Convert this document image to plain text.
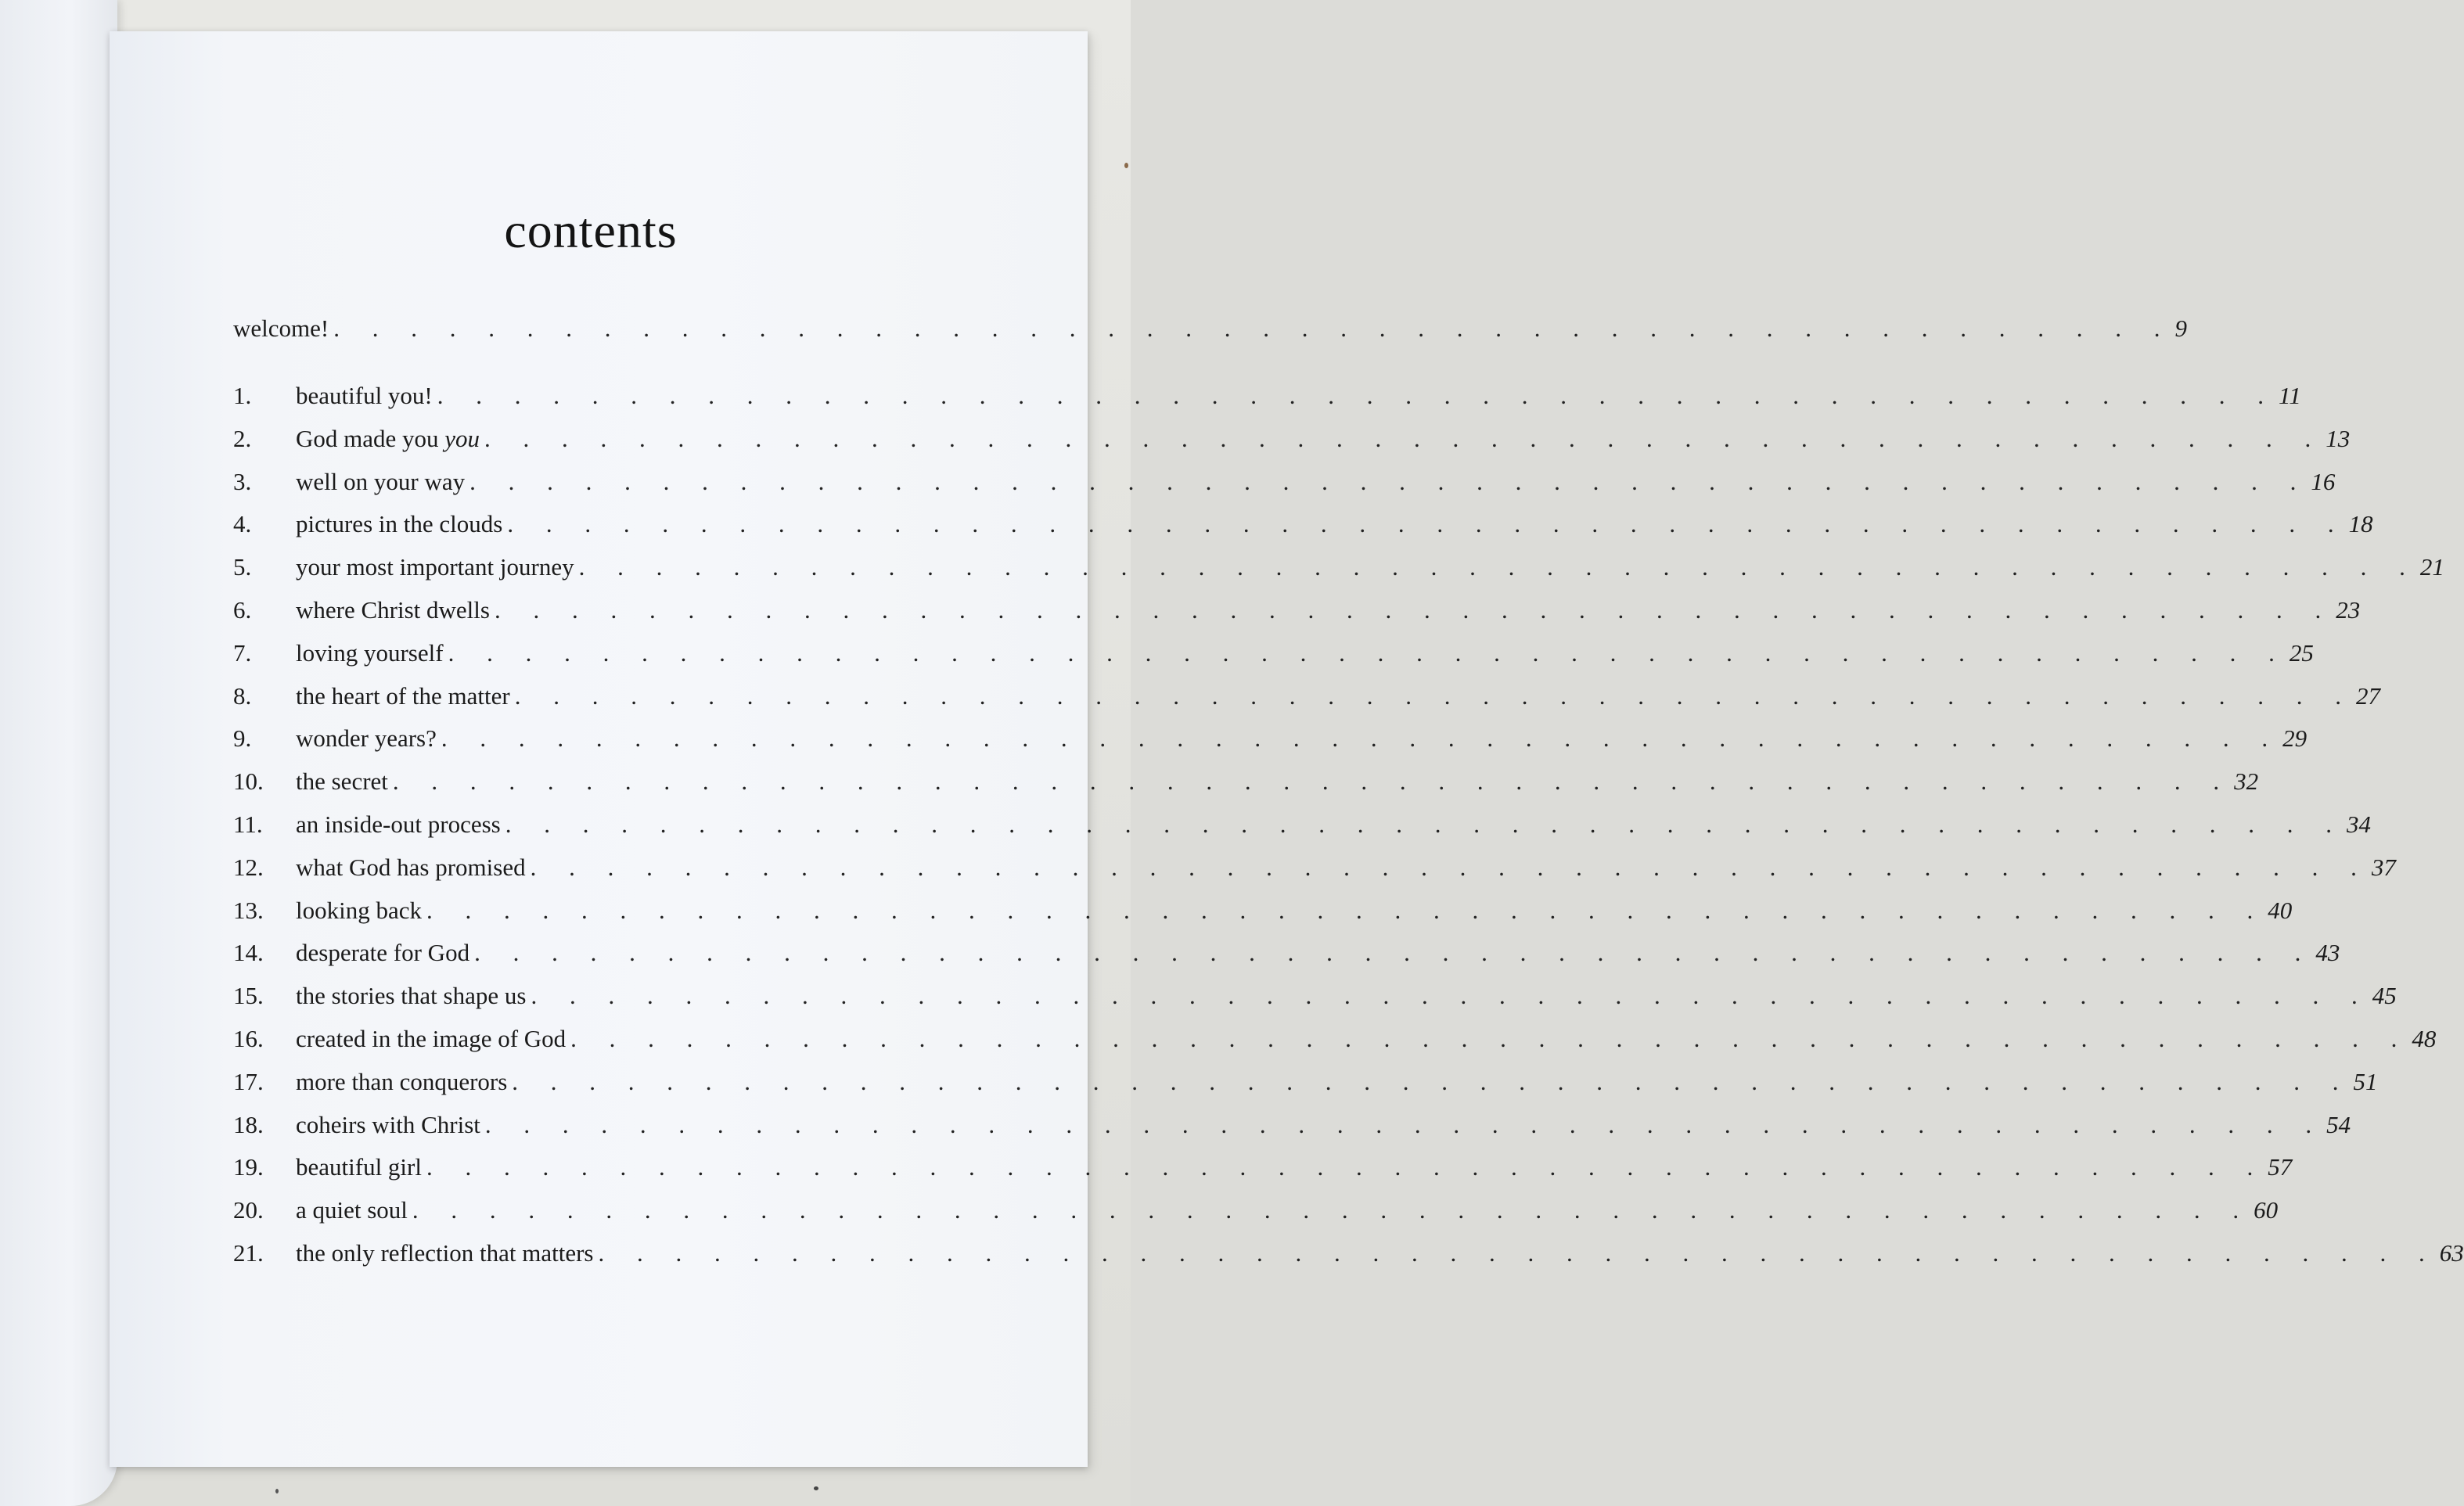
contents
welcome! . . . . . . . . . . . . . . . . . . . . . . . . . . . . . . . . . . . . . . . . . . . . . . . . 9
1.	beautiful you! . . . . . . . . . . . . . . . . . . . . . . . . . . . . . . . . . . . . . . . . . . . . . . . . 11
2.	God made you you . . . . . . . . . . . . . . . . . . . . . . . . . . . . . . . . . . . . . . . . . . . . . . . . 13
3.	well on your way . . . . . . . . . . . . . . . . . . . . . . . . . . . . . . . . . . . . . . . . . . . . . . . . 16
4.	pictures in the clouds . . . . . . . . . . . . . . . . . . . . . . . . . . . . . . . . . . . . . . . . . . . . . . . . 18
5.	your most important journey . . . . . . . . . . . . . . . . . . . . . . . . . . . . . . . . . . . . . . . . . . . . . . . . 21
6.	where Christ dwells . . . . . . . . . . . . . . . . . . . . . . . . . . . . . . . . . . . . . . . . . . . . . . . . 23
7.	loving yourself . . . . . . . . . . . . . . . . . . . . . . . . . . . . . . . . . . . . . . . . . . . . . . . . 25
8.	the heart of the matter . . . . . . . . . . . . . . . . . . . . . . . . . . . . . . . . . . . . . . . . . . . . . . . . 27
9.	wonder years? . . . . . . . . . . . . . . . . . . . . . . . . . . . . . . . . . . . . . . . . . . . . . . . . 29
10.	the secret . . . . . . . . . . . . . . . . . . . . . . . . . . . . . . . . . . . . . . . . . . . . . . . . 32
11.	an inside-out process . . . . . . . . . . . . . . . . . . . . . . . . . . . . . . . . . . . . . . . . . . . . . . . . 34
12.	what God has promised . . . . . . . . . . . . . . . . . . . . . . . . . . . . . . . . . . . . . . . . . . . . . . . . 37
13.	looking back . . . . . . . . . . . . . . . . . . . . . . . . . . . . . . . . . . . . . . . . . . . . . . . . 40
14.	desperate for God . . . . . . . . . . . . . . . . . . . . . . . . . . . . . . . . . . . . . . . . . . . . . . . . 43
15.	the stories that shape us . . . . . . . . . . . . . . . . . . . . . . . . . . . . . . . . . . . . . . . . . . . . . . . . 45
16.	created in the image of God . . . . . . . . . . . . . . . . . . . . . . . . . . . . . . . . . . . . . . . . . . . . . . . . 48
17.	more than conquerors . . . . . . . . . . . . . . . . . . . . . . . . . . . . . . . . . . . . . . . . . . . . . . . . 51
18.	coheirs with Christ . . . . . . . . . . . . . . . . . . . . . . . . . . . . . . . . . . . . . . . . . . . . . . . . 54
19.	beautiful girl . . . . . . . . . . . . . . . . . . . . . . . . . . . . . . . . . . . . . . . . . . . . . . . . 57
20.	a quiet soul . . . . . . . . . . . . . . . . . . . . . . . . . . . . . . . . . . . . . . . . . . . . . . . . 60
21.	the only reflection that matters . . . . . . . . . . . . . . . . . . . . . . . . . . . . . . . . . . . . . . . . . . . . . . . . 63
